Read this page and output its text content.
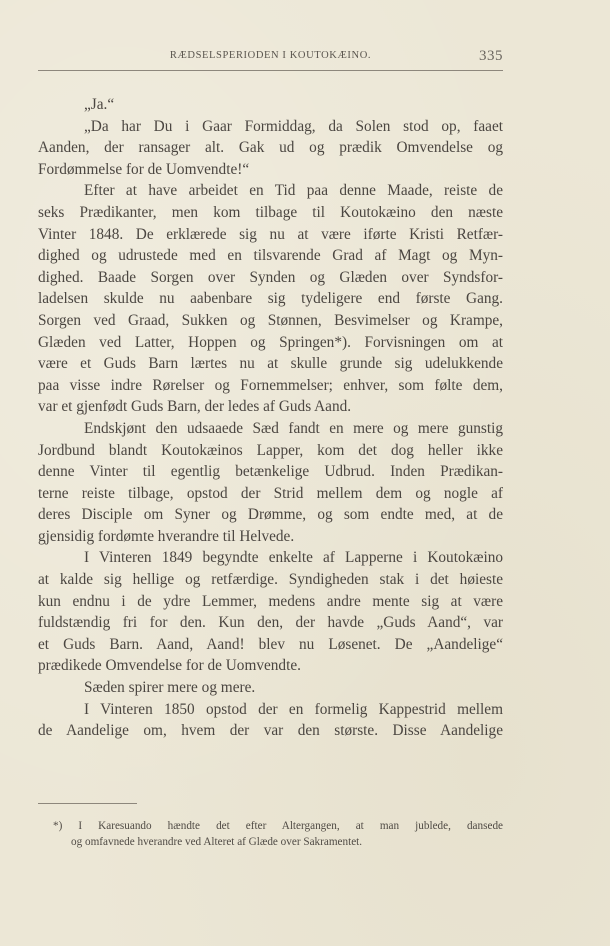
RÆDSELSPERIODEN I KOUTOKÆINO.	335
„Ja.“
„Da har Du i Gaar Formiddag, da Solen stod op, faaet
Aanden, der ransager alt. Gak ud og prædik Omvendelse og
Fordømmelse for de Uomvendte!“
Efter at have arbeidet en Tid paa denne Maade, reiste de
seks Prædikanter, men kom tilbage til Koutokæino den næste
Vinter 1848. De erklærede sig nu at være iførte Kristi Retfær-
dighed og udrustede med en tilsvarende Grad af Magt og Myn-
dighed. Baade Sorgen over Synden og Glæden over Syndsfor-
ladelsen skulde nu aabenbare sig tydeligere end første Gang.
Sorgen ved Graad, Sukken og Stønnen, Besvimelser og Krampe,
Glæden ved Latter, Hoppen og Springen*). Forvisningen om at
være et Guds Barn lærtes nu at skulle grunde sig udelukkende
paa visse indre Rørelser og Fornemmelser; enhver, som følte dem,
var et gjenfødt Guds Barn, der ledes af Guds Aand.
Endskjønt den udsaaede Sæd fandt en mere og mere gunstig
Jordbund blandt Koutokæinos Lapper, kom det dog heller ikke
denne Vinter til egentlig betænkelige Udbrud. Inden Prædikan-
terne reiste tilbage, opstod der Strid mellem dem og nogle af
deres Disciple om Syner og Drømme, og som endte med, at de
gjensidig fordømte hverandre til Helvede.
I Vinteren 1849 begyndte enkelte af Lapperne i Koutokæino
at kalde sig hellige og retfærdige. Syndigheden stak i det høieste
kun endnu i de ydre Lemmer, medens andre mente sig at være
fuldstændig fri for den. Kun den, der havde „Guds Aand“, var
et Guds Barn. Aand, Aand! blev nu Løsenet. De „Aandelige“
prædikede Omvendelse for de Uomvendte.
Sæden spirer mere og mere.
I Vinteren 1850 opstod der en formelig Kappestrid mellem
de Aandelige om, hvem der var den største. Disse Aandelige
*) I Karesuando hændte det efter Altergangen, at man jublede, dansede
og omfavnede hverandre ved Alteret af Glæde over Sakramentet.
